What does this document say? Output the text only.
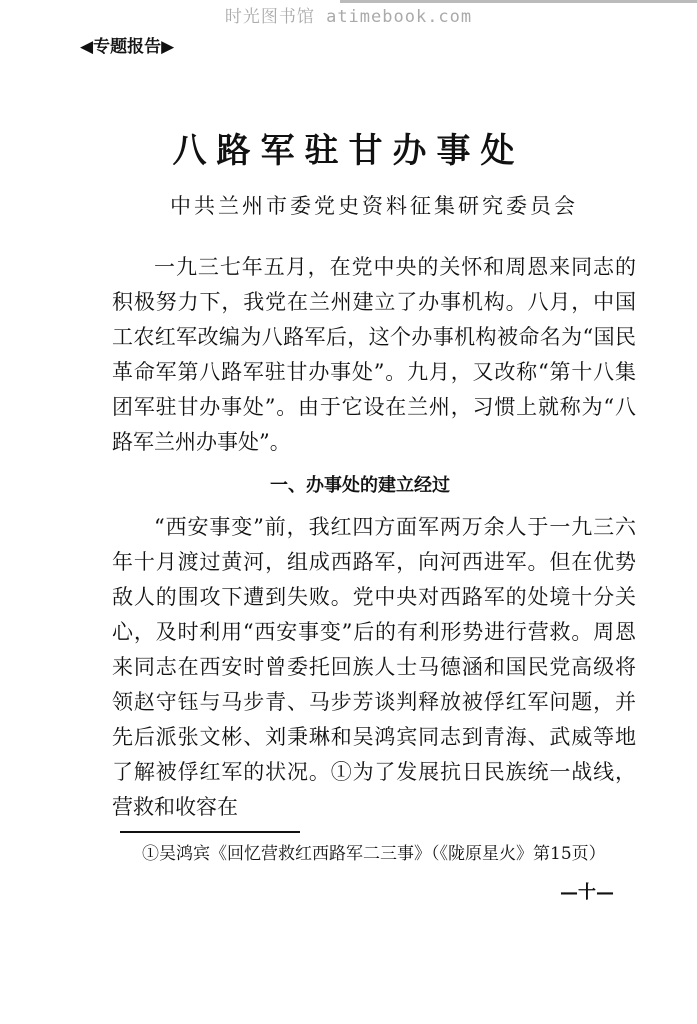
时光图书馆 atimebook.com
◀专题报告▶
八路军驻甘办事处
中共兰州市委党史资料征集研究委员会
一九三七年五月，在党中央的关怀和周恩来同志的积极努力下，我党在兰州建立了办事机构。八月，中国工农红军改编为八路军后，这个办事机构被命名为“国民革命军第八路军驻甘办事处”。九月，又改称“第十八集团军驻甘办事处”。由于它设在兰州，习惯上就称为“八路军兰州办事处”。
一、办事处的建立经过
“西安事变”前，我红四方面军两万余人于一九三六年十月渡过黄河，组成西路军，向河西进军。但在优势敌人的围攻下遭到失败。党中央对西路军的处境十分关心，及时利用“西安事变”后的有利形势进行营救。周恩来同志在西安时曾委托回族人士马德涵和国民党高级将领赵守钰与马步青、马步芳谈判释放被俘红军问题，并先后派张文彬、刘秉琳和吴鸿宾同志到青海、武威等地了解被俘红军的状况。①为了发展抗日民族统一战线，营救和收容在
①吴鸿宾《回忆营救红西路军二三事》（《陇原星火》第15页）
—十—
